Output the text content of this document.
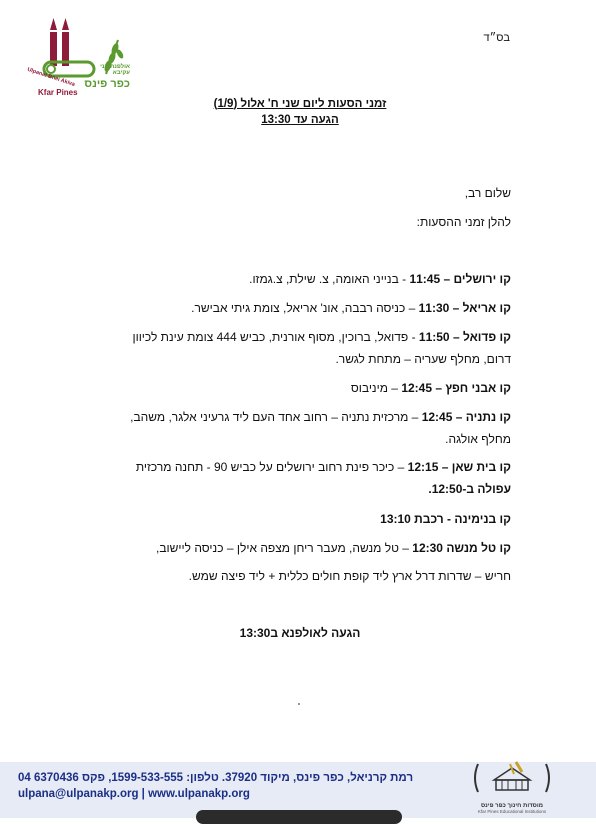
אולפנת בני עקיבא
Ulpanat Bnei Akiva כפר פינס
Kfar Pines
בס״ד
זמני הסעות ליום שני ח' אלול (1/9)
הגעה עד 13:30
שלום רב,
להלן זמני ההסעות:
קו ירושלים – 11:45 - בנייני האומה, צ. שילת, צ.גמזו.
קו אריאל – 11:30 – כניסה רבבה, אונ' אריאל, צומת גיתי אבישר.
קו פדואל – 11:50 - פדואל, ברוכין, מסוף אורנית, כביש 444 צומת עינת לכיוון דרום, מחלף שעריה – מתחת לגשר.
קו אבני חפץ – 12:45 – מיניבוס
קו נתניה – 12:45 – מרכזית נתניה – רחוב אחד העם ליד גרעיני אלגר, משהב, מחלף אולגה.
קו בית שאן – 12:15 – כיכר פינת רחוב ירושלים על כביש 90 - תחנה מרכזית עפולה ב-12:50.
קו בנימינה - רכבת 13:10
קו טל מנשה 12:30 – טל מנשה, מעבר ריחן מצפה אילן – כניסה ליישוב,
חריש – שדרות דרל ארץ ליד קופת חולים כללית + ליד פיצה שמש.
הגעה לאולפנא ב13:30
04 6370436 רמת קרניאל, כפר פינס, מיקוד 37920. טלפון: 1599-533-555, פקס
ulpana@ulpanakp.org | www.ulpanakp.org
מוסדות חינוך כפר פינס
Kfar Pines Educational Institutions
